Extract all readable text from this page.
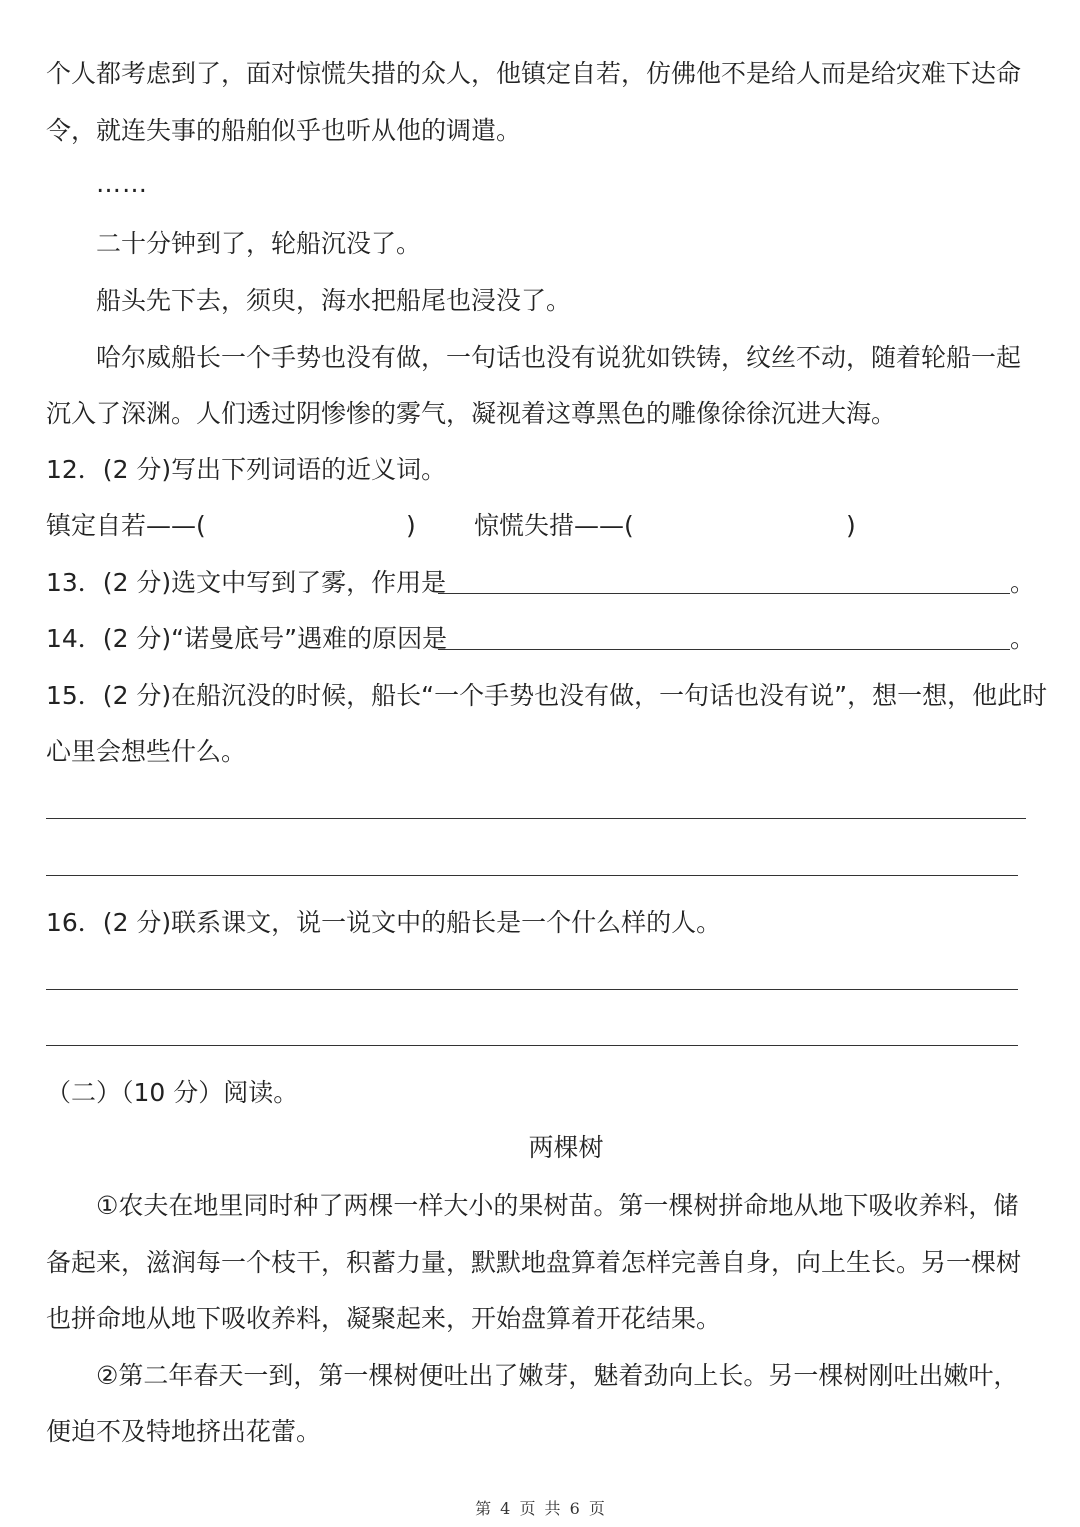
个人都考虑到了，面对惊慌失措的众人，他镇定自若，仿佛他不是给人而是给灾难下达命
令，就连失事的船舶似乎也听从他的调遣。
……
二十分钟到了，轮船沉没了。
船头先下去，须臾，海水把船尾也浸没了。
哈尔威船长一个手势也没有做，一句话也没有说犹如铁铸，纹丝不动，随着轮船一起
沉入了深渊。人们透过阴惨惨的雾气，凝视着这尊黑色的雕像徐徐沉进大海。
12．(2 分)写出下列词语的近义词。
镇定自若——(	) 惊慌失措——(	)
13．(2 分)选文中写到了雾，作用是	。
14．(2 分)“诺曼底号”遇难的原因是	。
15．(2 分)在船沉没的时候，船长“一个手势也没有做，一句话也没有说”，想一想，他此时
心里会想些什么。
16．(2 分)联系课文，说一说文中的船长是一个什么样的人。
（二）（10 分）阅读。
两棵树
①农夫在地里同时种了两棵一样大小的果树苗。第一棵树拼命地从地下吸收养料，储
备起来，滋润每一个枝干，积蓄力量，默默地盘算着怎样完善自身，向上生长。另一棵树
也拼命地从地下吸收养料，凝聚起来，开始盘算着开花结果。
②第二年春天一到，第一棵树便吐出了嫩芽，魅着劲向上长。另一棵树刚吐出嫩叶，
便迫不及特地挤出花蕾。
第 4 页 共 6 页
